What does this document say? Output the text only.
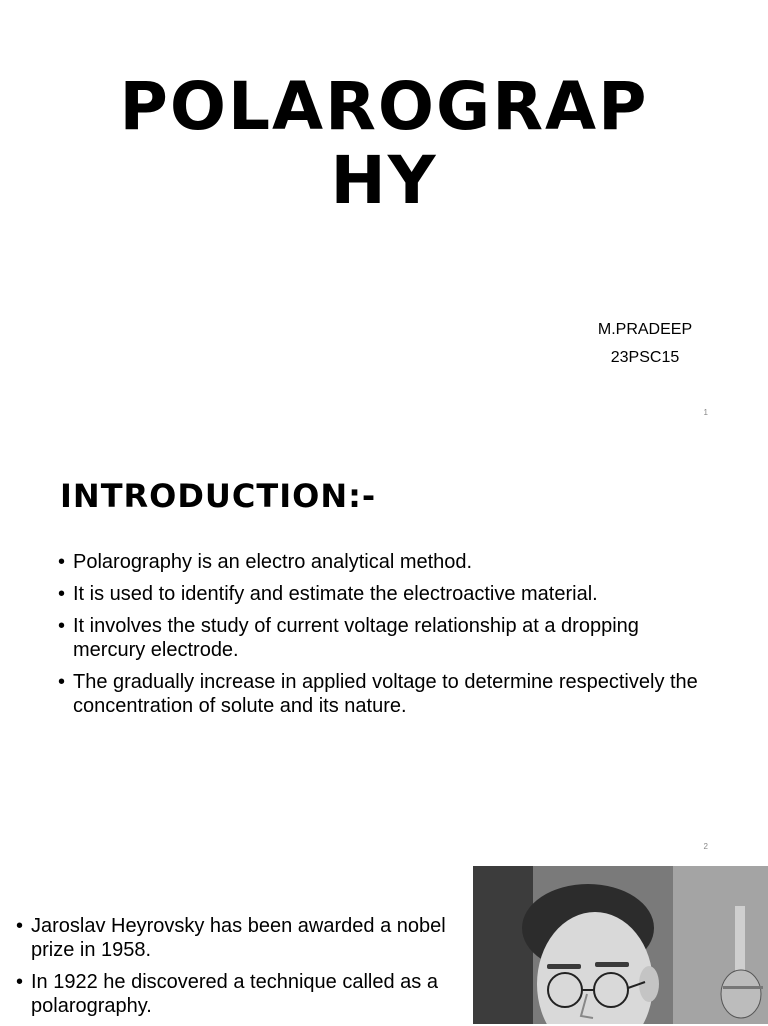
POLAROGRAP
HY
M.PRADEEP
23PSC15
1
INTRODUCTION:-
• Polarography is an electro analytical method.
• It is used to identify and estimate the electroactive material.
• It involves the study of current voltage relationship at a dropping mercury electrode.
• The gradually increase in applied voltage to determine respectively the concentration of solute and its nature.
2
• Jaroslav Heyrovsky has been awarded a nobel prize in 1958.
• In 1922 he discovered a technique called as a polarography.
